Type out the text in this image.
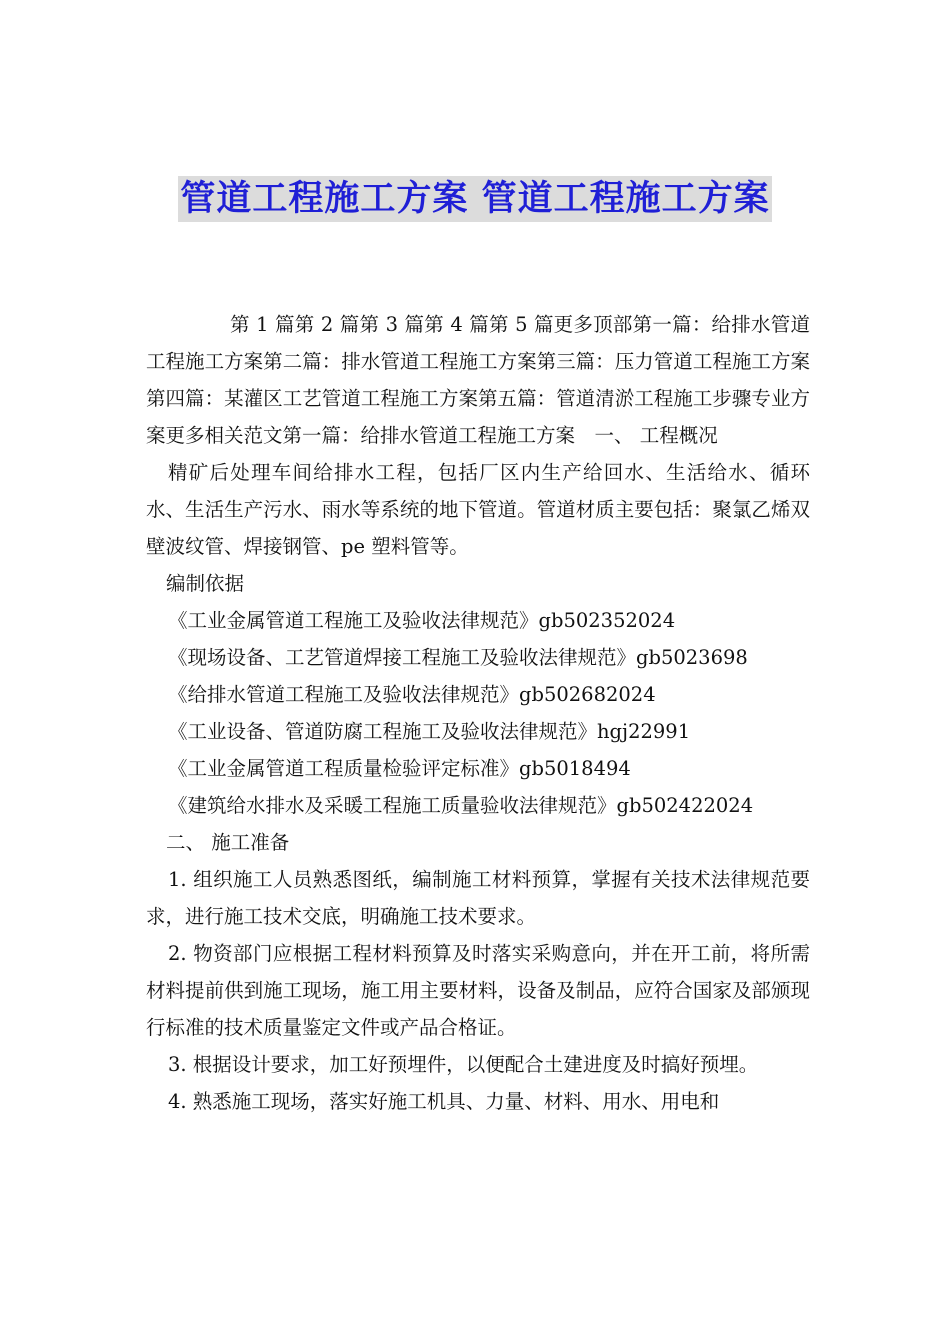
管道工程施工方案 管道工程施工方案

第 1 篇第 2 篇第 3 篇第 4 篇第 5 篇更多顶部第一篇：给排水管道工程施工方案第二篇：排水管道工程施工方案第三篇：压力管道工程施工方案第四篇：某灌区工艺管道工程施工方案第五篇：管道清淤工程施工步骤专业方案更多相关范文第一篇：给排水管道工程施工方案　一、 工程概况

精矿后处理车间给排水工程，包括厂区内生产给回水、生活给水、循环水、生活生产污水、雨水等系统的地下管道。管道材质主要包括：聚氯乙烯双壁波纹管、焊接钢管、pe 塑料管等。

编制依据

《工业金属管道工程施工及验收法律规范》gb502352024

《现场设备、工艺管道焊接工程施工及验收法律规范》gb5023698

《给排水管道工程施工及验收法律规范》gb502682024

《工业设备、管道防腐工程施工及验收法律规范》hgj22991

《工业金属管道工程质量检验评定标准》gb5018494

《建筑给水排水及采暖工程施工质量验收法律规范》gb502422024

二、 施工准备

1. 组织施工人员熟悉图纸，编制施工材料预算，掌握有关技术法律规范要求，进行施工技术交底，明确施工技术要求。

2. 物资部门应根据工程材料预算及时落实采购意向，并在开工前，将所需材料提前供到施工现场，施工用主要材料，设备及制品，应符合国家及部颁现行标准的技术质量鉴定文件或产品合格证。

3. 根据设计要求，加工好预埋件，以便配合土建进度及时搞好预埋。

4. 熟悉施工现场，落实好施工机具、力量、材料、用水、用电和
